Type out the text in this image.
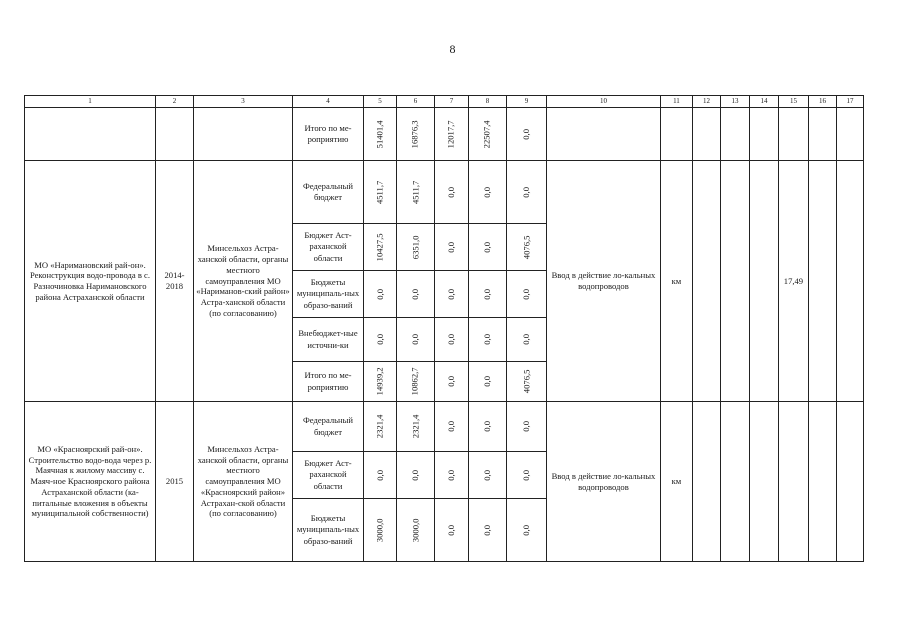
8
1	2	3	4	5	6	7	8	9	10	11	12	13	14	15	16	17
			Итого по ме-роприятию	51401,4	16876,3	12017,7	22507,4	0,0								
МО «Наримановский рай-он». Реконструкция водо-провода в с. Разночиновка Наримановского района Астраханской области	2014-2018	Минсельхоз Астра-ханской области, органы местного самоуправления МО «Нариманов-ский район» Астра-ханской области (по согласованию)	Федеральный бюджет	4511,7	4511,7	0,0	0,0	0,0	Ввод в действие ло-кальных водопроводов	км				17,49		
			Бюджет Аст-раханской области	10427,5	6351,0	0,0	0,0	4076,5								
			Бюджеты муниципаль-ных образо-ваний	0,0	0,0	0,0	0,0	0,0								
			Внебюджет-ные источни-ки	0,0	0,0	0,0	0,0	0,0								
			Итого по ме-роприятию	14939,2	10862,7	0,0	0,0	4076,5								
МО «Красноярский рай-он». Строительство водо-вода через р. Маячная к жилому массиву с. Маяч-ное Красноярского района Астраханской области (ка-питальные вложения в объекты муниципальной собственности)	2015	Минсельхоз Астра-ханской области, органы местного самоуправления МО «Красноярский район» Астрахан-ской области (по согласованию)	Федеральный бюджет	2321,4	2321,4	0,0	0,0	0,0	Ввод в действие ло-кальных водопроводов	км						
			Бюджет Аст-раханской области	0,0	0,0	0,0	0,0	0,0								
			Бюджеты муниципаль-ных образо-ваний	3000,0	3000,0	0,0	0,0	0,0								
